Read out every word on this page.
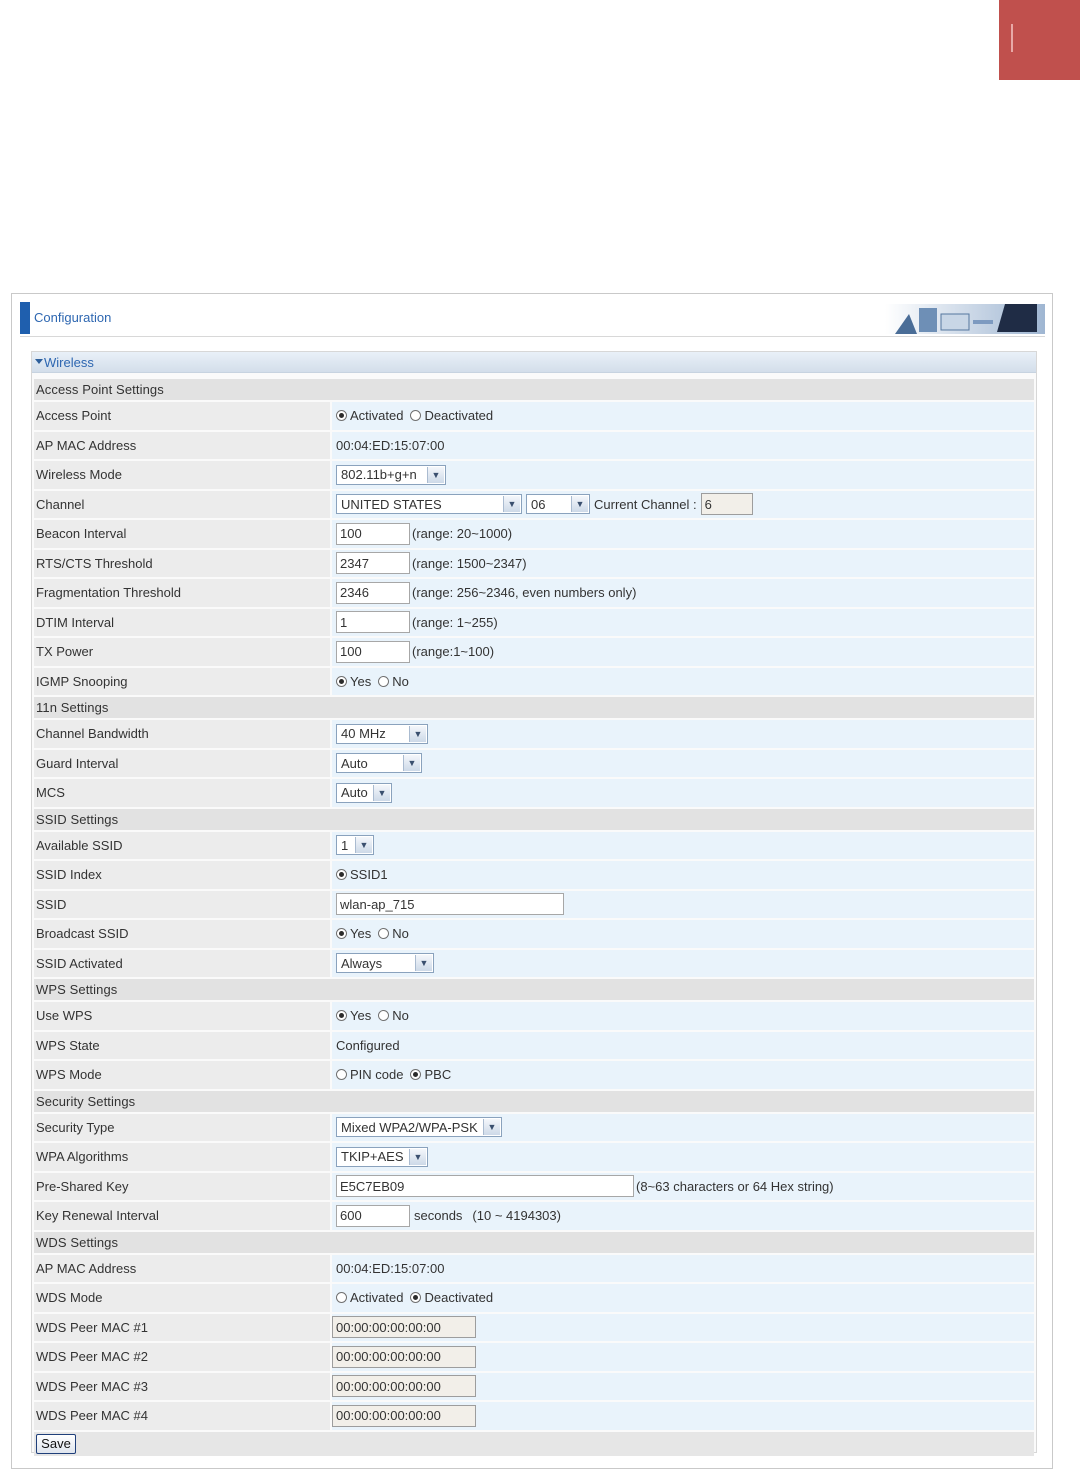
Configuration
Wireless
Access Point Settings
Access Point	Activated Deactivated
AP MAC Address	00:04:ED:15:07:00
Wireless Mode	802.11b+g+n	▼
Channel	UNITED STATES	▼ 06	▼ Current Channel : 6
Beacon Interval	100	(range: 20~1000)
RTS/CTS Threshold	2347	(range: 1500~2347)
Fragmentation Threshold	2346	(range: 256~2346, even numbers only)
DTIM Interval	1	(range: 1~255)
TX Power	100	(range:1~100)
IGMP Snooping	Yes No
11n Settings
Channel Bandwidth	40 MHz	▼
Guard Interval	Auto	▼
MCS	Auto	▼
SSID Settings
Available SSID	1	▼
SSID Index	SSID1
SSID	wlan-ap_715
Broadcast SSID	Yes No
SSID Activated	Always	▼
WPS Settings
Use WPS	Yes No
WPS State	Configured
WPS Mode	PIN code PBC
Security Settings
Security Type	Mixed WPA2/WPA-PSK	▼
WPA Algorithms	TKIP+AES	▼
Pre-Shared Key	E5C7EB09	(8~63 characters or 64 Hex string)
Key Renewal Interval	600	seconds (10 ~ 4194303)
WDS Settings
AP MAC Address	00:04:ED:15:07:00
WDS Mode	Activated Deactivated
WDS Peer MAC #1	00:00:00:00:00:00
WDS Peer MAC #2	00:00:00:00:00:00
WDS Peer MAC #3	00:00:00:00:00:00
WDS Peer MAC #4	00:00:00:00:00:00
Save
